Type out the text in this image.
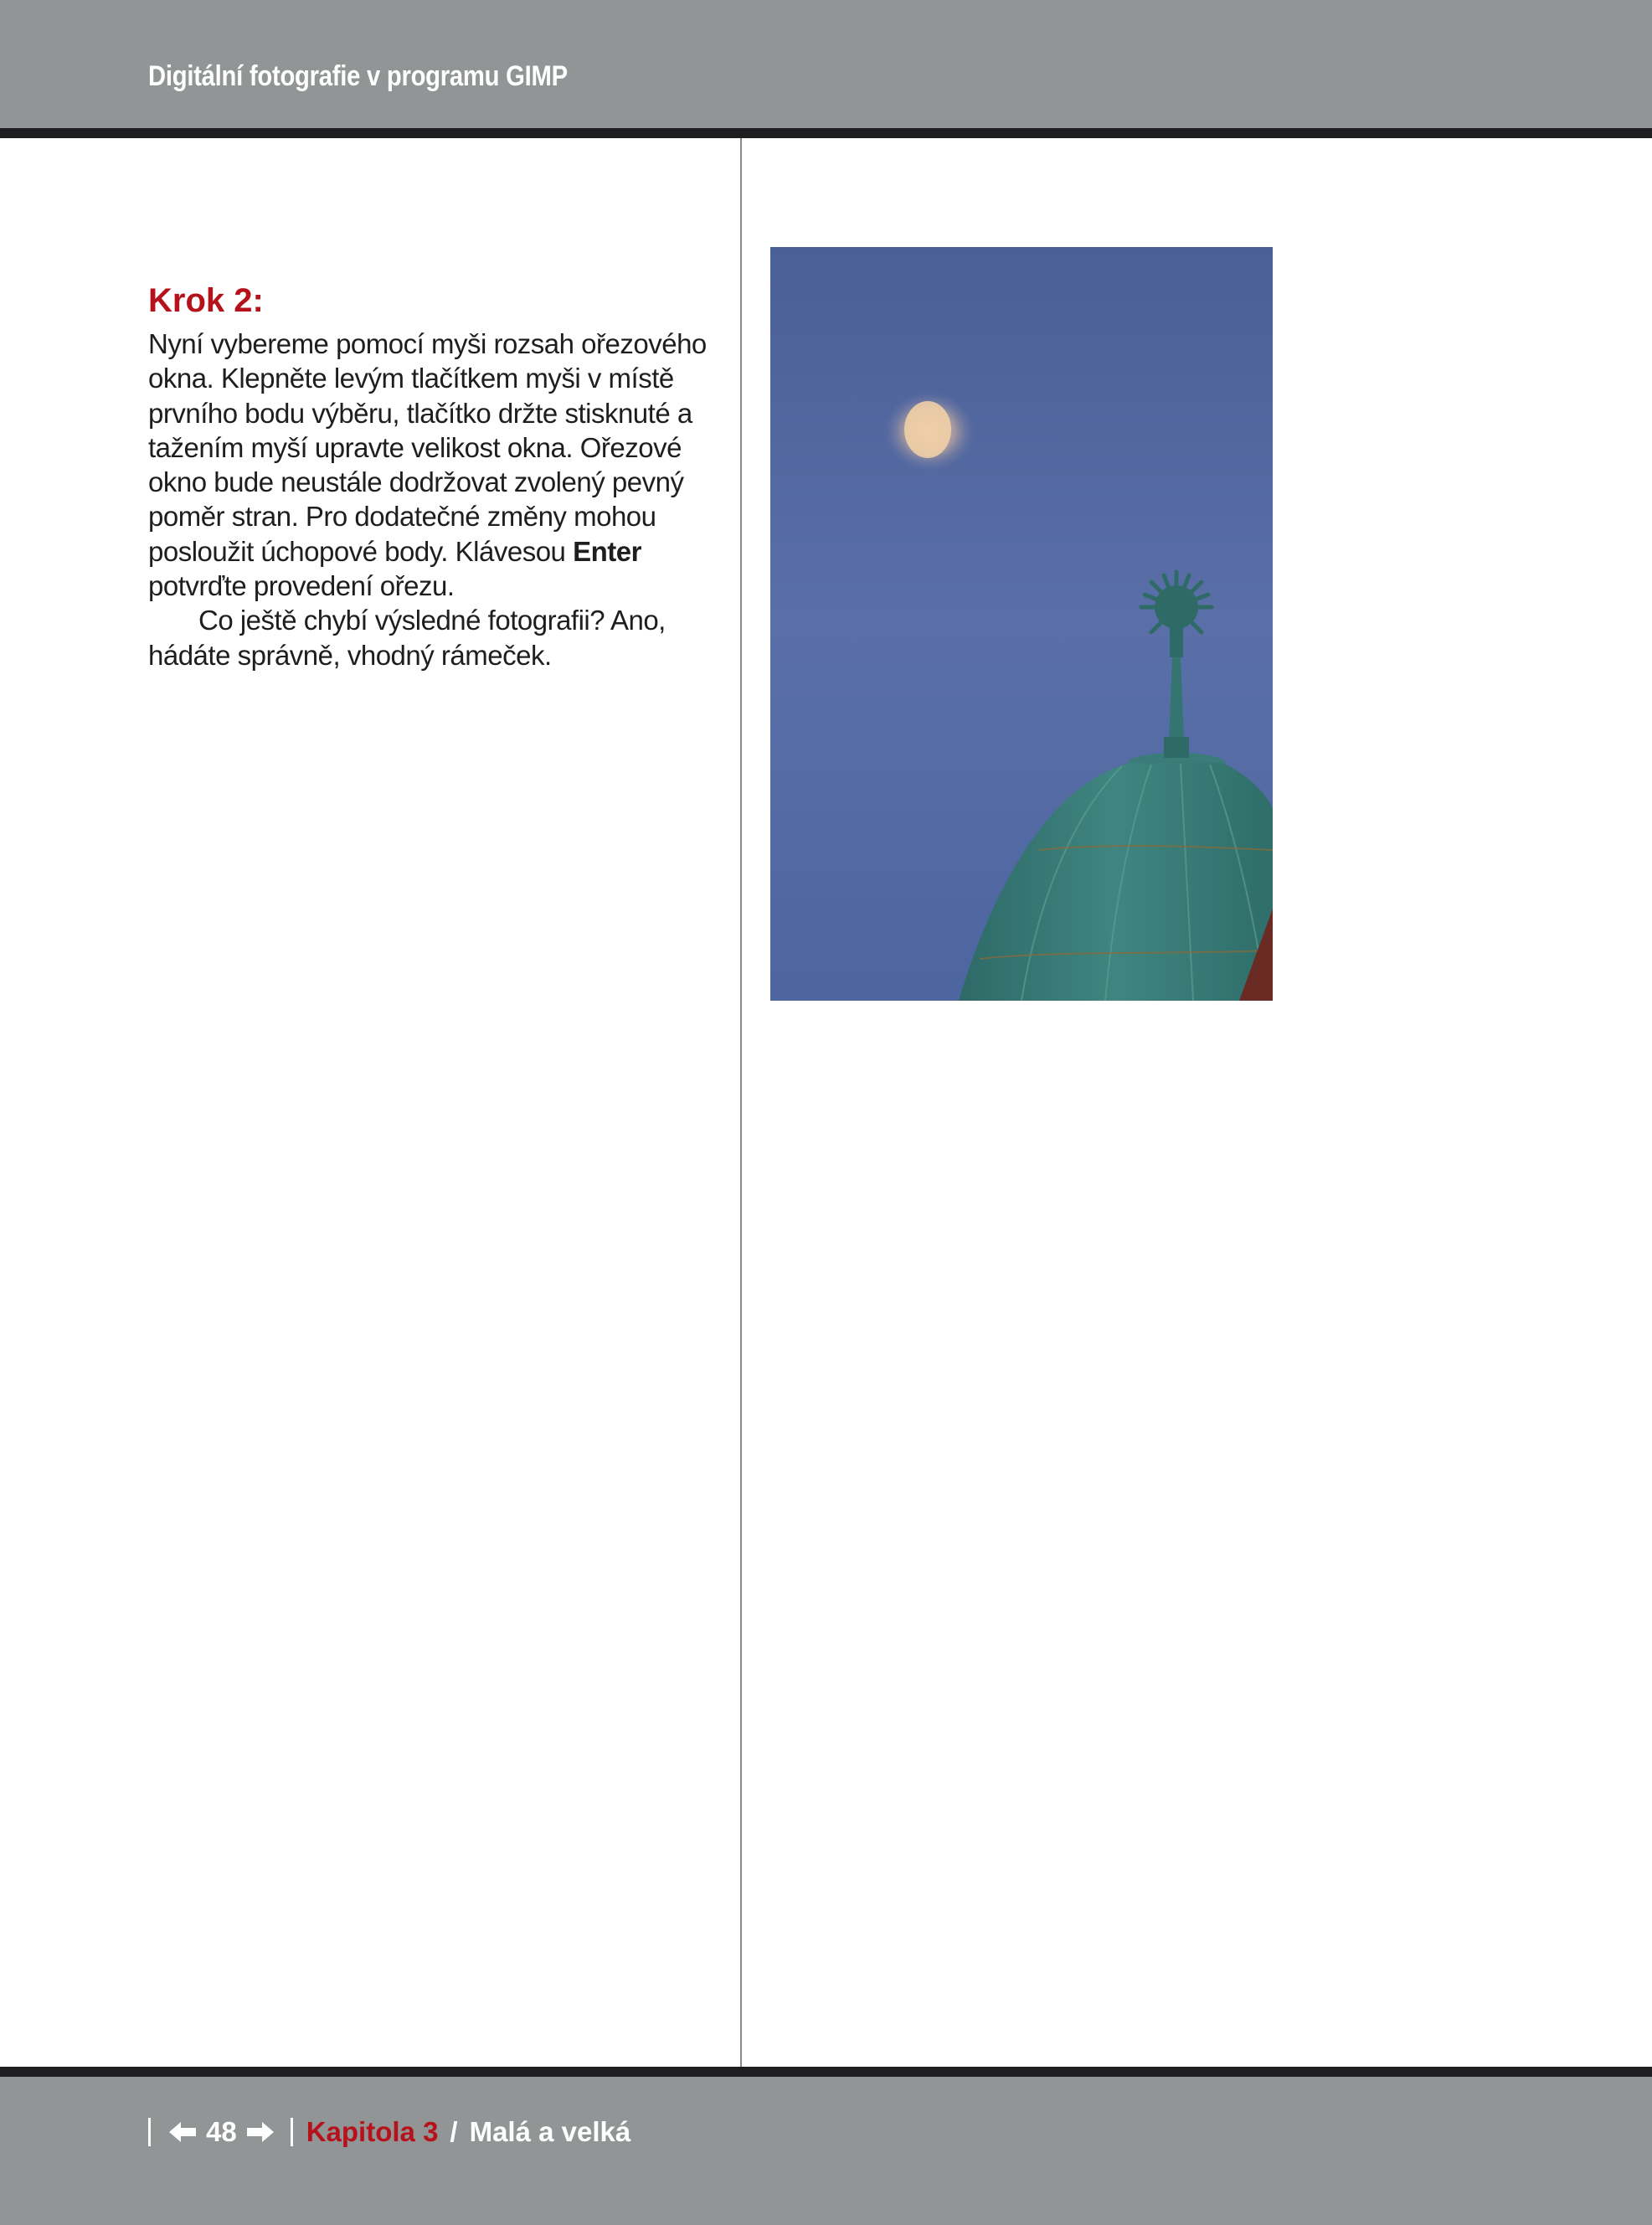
Digitální fotografie v programu GIMP
Krok 2:

Nyní vybereme pomocí myši rozsah ořezového okna. Klepněte levým tlačítkem myši v místě prvního bodu výběru, tlačítko držte stisknuté a tažením myší upravte velikost okna. Ořezové okno bude neustále dodržovat zvolený pevný poměr stran. Pro dodatečné změny mohou posloužit úchopové body. Klávesou Enter potvrďte provedení ořezu.

Co ještě chybí výsledné fotografii? Ano, hádáte správně, vhodný rámeček.

48	Kapitola 3 / Malá a velká
